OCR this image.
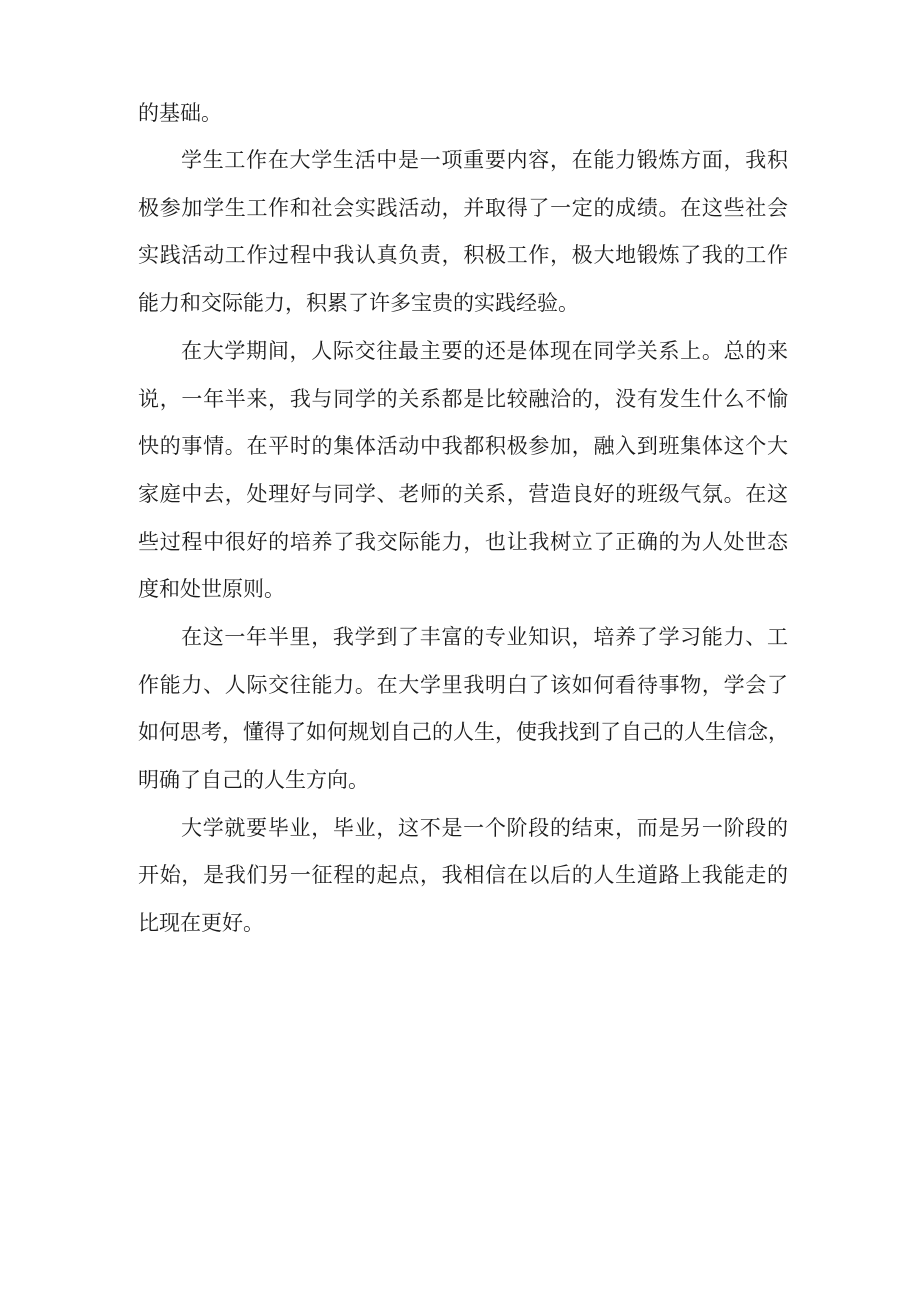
的基础。
学生工作在大学生活中是一项重要内容，在能力锻炼方面，我积
极参加学生工作和社会实践活动，并取得了一定的成绩。在这些社会
实践活动工作过程中我认真负责，积极工作，极大地锻炼了我的工作
能力和交际能力，积累了许多宝贵的实践经验。
在大学期间，人际交往最主要的还是体现在同学关系上。总的来
说，一年半来，我与同学的关系都是比较融洽的，没有发生什么不愉
快的事情。在平时的集体活动中我都积极参加，融入到班集体这个大
家庭中去，处理好与同学、老师的关系，营造良好的班级气氛。在这
些过程中很好的培养了我交际能力，也让我树立了正确的为人处世态
度和处世原则。
在这一年半里，我学到了丰富的专业知识，培养了学习能力、工
作能力、人际交往能力。在大学里我明白了该如何看待事物，学会了
如何思考，懂得了如何规划自己的人生，使我找到了自己的人生信念，
明确了自己的人生方向。
大学就要毕业，毕业，这不是一个阶段的结束，而是另一阶段的
开始，是我们另一征程的起点，我相信在以后的人生道路上我能走的
比现在更好。
